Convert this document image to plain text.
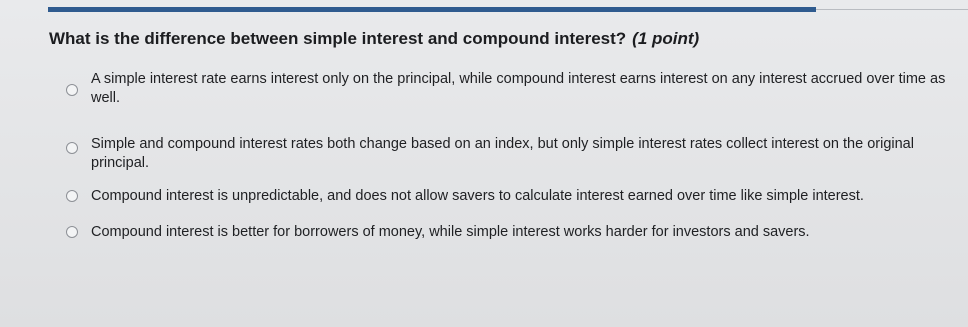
What is the difference between simple interest and compound interest? (1 point)
A simple interest rate earns interest only on the principal, while compound interest earns interest on any interest accrued over time as well.
Simple and compound interest rates both change based on an index, but only simple interest rates collect interest on the original principal.
Compound interest is unpredictable, and does not allow savers to calculate interest earned over time like simple interest.
Compound interest is better for borrowers of money, while simple interest works harder for investors and savers.
